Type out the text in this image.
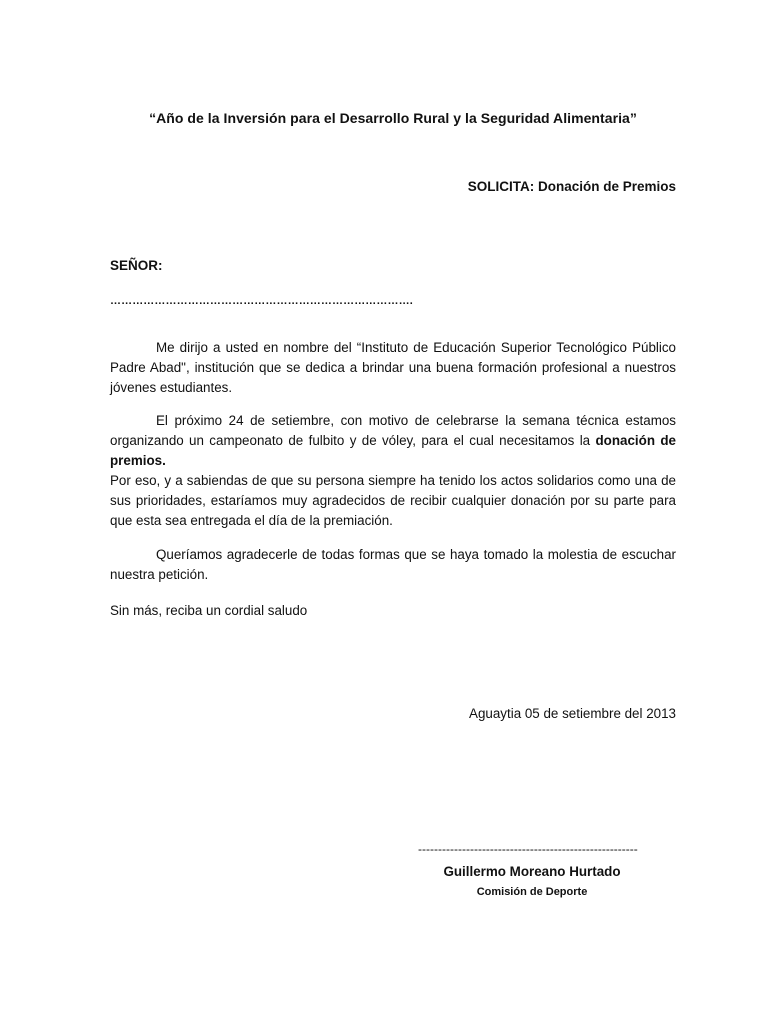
“Año de la Inversión para el Desarrollo Rural y la Seguridad Alimentaria”
SOLICITA: Donación de Premios
SEÑOR:
……………………………………………………………………….

Me dirijo a usted en nombre del “Instituto de Educación Superior Tecnológico Público Padre Abad", institución que se dedica a brindar una buena formación profesional a nuestros jóvenes estudiantes.

El próximo 24 de setiembre, con motivo de celebrarse la semana técnica estamos organizando un campeonato de fulbito y de vóley, para el cual necesitamos la donación de premios.

Por eso, y a sabiendas de que su persona siempre ha tenido los actos solidarios como una de sus prioridades, estaríamos muy agradecidos de recibir cualquier donación por su parte para que esta sea entregada el día de la premiación.

Queríamos agradecerle de todas formas que se haya tomado la molestia de escuchar nuestra petición.

Sin más, reciba un cordial saludo

Aguaytia 05 de setiembre del 2013
-------------------------------------------------------
Guillermo Moreano Hurtado
Comisión de Deporte
